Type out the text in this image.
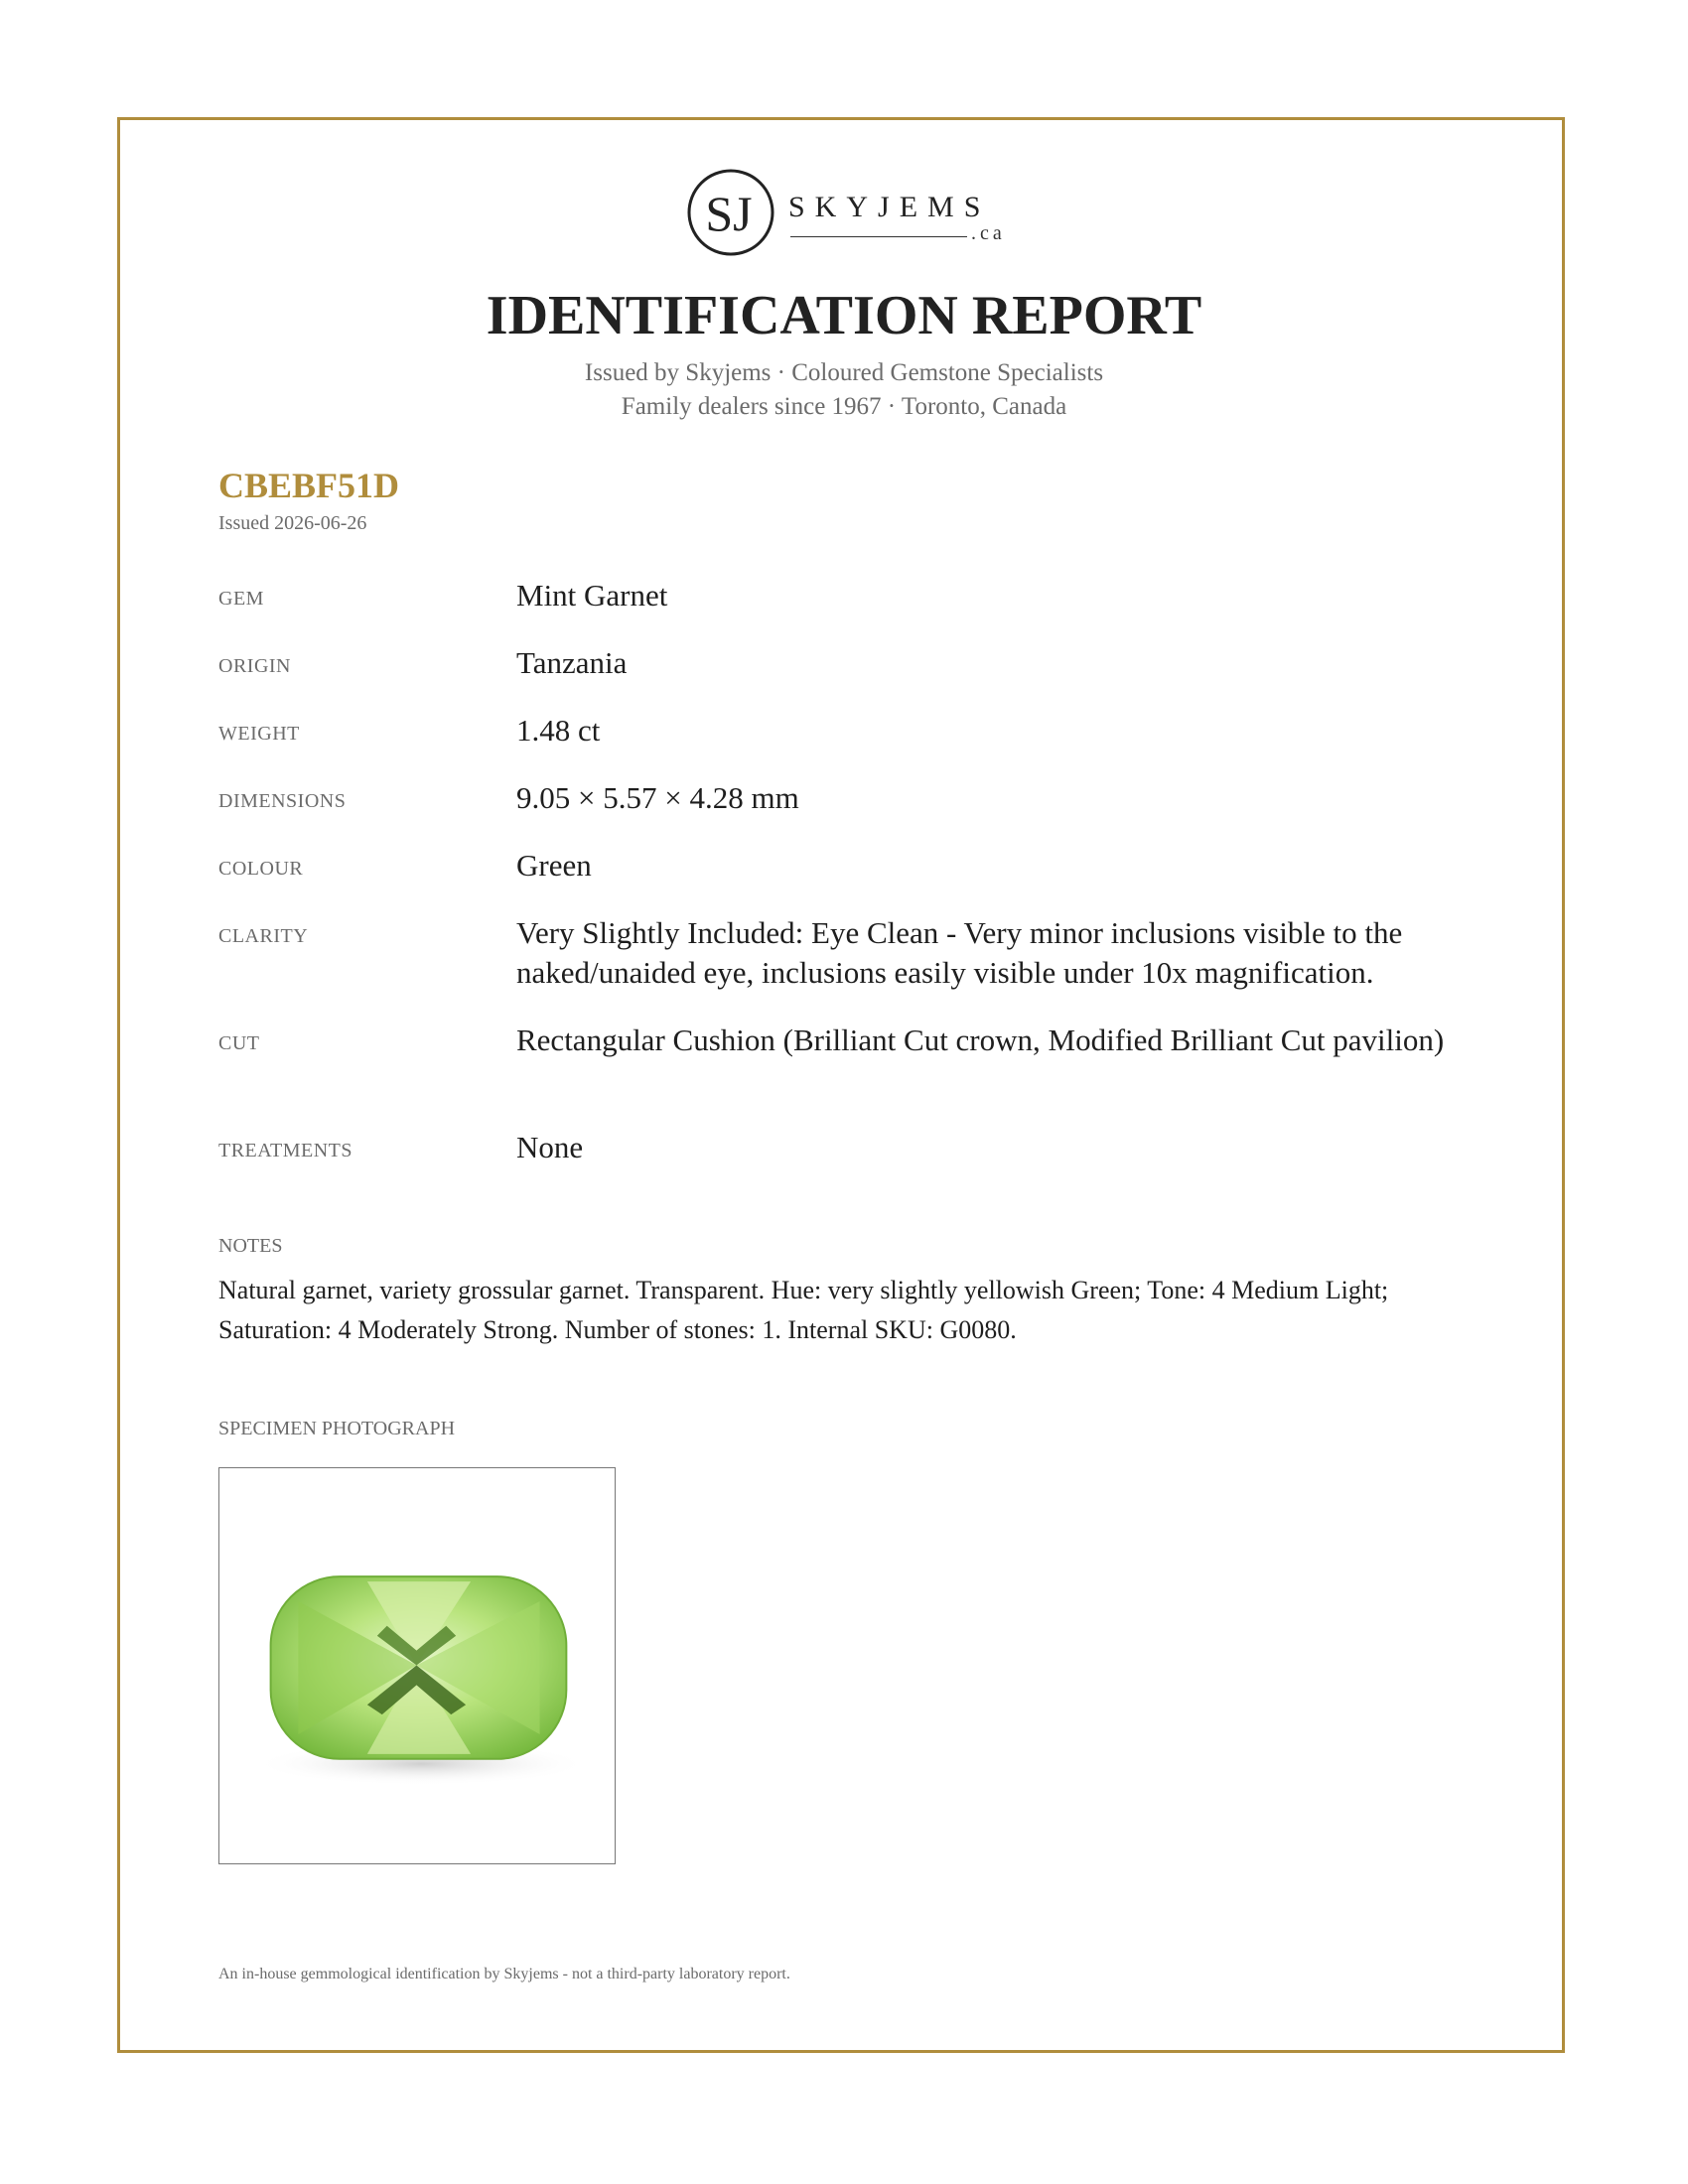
SJ SKYJEMS
.ca
IDENTIFICATION REPORT
Issued by Skyjems · Coloured Gemstone Specialists
Family dealers since 1967 · Toronto, Canada
CBEBF51D
Issued 2026-06-26
GEM	Mint Garnet
ORIGIN	Tanzania
WEIGHT	1.48 ct
DIMENSIONS	9.05 × 5.57 × 4.28 mm
COLOUR	Green
CLARITY	Very Slightly Included: Eye Clean - Very minor inclusions visible to the naked/unaided eye, inclusions easily visible under 10x magnification.
CUT	Rectangular Cushion (Brilliant Cut crown, Modified Brilliant Cut pavilion)
TREATMENTS	None
NOTES
Natural garnet, variety grossular garnet. Transparent. Hue: very slightly yellowish Green; Tone: 4 Medium Light; Saturation: 4 Moderately Strong. Number of stones: 1. Internal SKU: G0080.
SPECIMEN PHOTOGRAPH
An in-house gemmological identification by Skyjems - not a third-party laboratory report.
